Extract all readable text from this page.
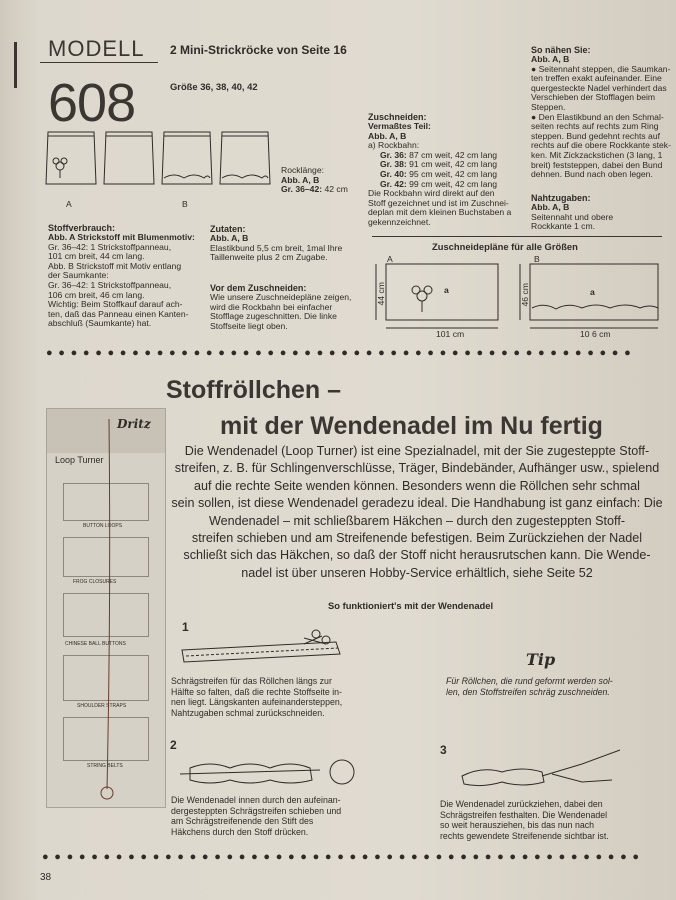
MODELL
608
2 Mini-Strickröcke von Seite 16
Größe 36, 38, 40, 42
A	B
Rocklänge:
Abb. A, B
Gr. 36–42: 42 cm
Stoffverbrauch:
Abb. A Strickstoff mit Blumenmotiv:
Gr. 36–42: 1 Strickstoffpanneau,
101 cm breit, 44 cm lang.
Abb. B Strickstoff mit Motiv entlang
der Saumkante:
Gr. 36–42: 1 Strickstoffpanneau,
106 cm breit, 46 cm lang.
Wichtig: Beim Stoffkauf darauf ach-
ten, daß das Panneau einen Kanten-
abschluß (Saumkante) hat.
Zutaten:
Abb. A, B
Elastikbund 5,5 cm breit, 1mal Ihre
Taillenweite plus 2 cm Zugabe.
Vor dem Zuschneiden:
Wie unsere Zuschneidepläne zeigen,
wird die Rockbahn bei einfacher
Stofflage zugeschnitten. Die linke
Stoffseite liegt oben.
Zuschneiden:
Vermaßtes Teil:
Abb. A, B
a) Rockbahn:
Gr. 36: 87 cm weit, 42 cm lang
Gr. 38: 91 cm weit, 42 cm lang
Gr. 40: 95 cm weit, 42 cm lang
Gr. 42: 99 cm weit, 42 cm lang
Die Rockbahn wird direkt auf den
Stoff gezeichnet und ist im Zuschnei-
deplan mit dem kleinen Buchstaben a
gekennzeichnet.
So nähen Sie:
Abb. A, B
● Seitennaht steppen, die Saumkan-
ten treffen exakt aufeinander. Eine
quergesteckte Nadel verhindert das
Verschieben der Stofflagen beim
Steppen.
● Den Elastikbund an den Schmal-
seiten rechts auf rechts zum Ring
steppen. Bund gedehnt rechts auf
rechts auf die obere Rockkante stek-
ken. Mit Zickzackstichen (3 lang, 1
breit) feststeppen, dabei den Bund
dehnen. Bund nach oben legen.
Nahtzugaben:
Abb. A, B
Seitennaht und obere
Rockkante 1 cm.
Zuschneidepläne für alle Größen
A	B
44 cm	46 cm
a	a
101 cm	10 6 cm
● ● ● ● ● ● ● ● ● ● ● ● ● ● ● ● ● ● ● ● ● ● ● ● ● ● ● ● ● ● ● ● ● ● ● ● ● ● ● ● ● ● ● ● ● ● ● ●
Stoffröllchen –
mit der Wendenadel im Nu fertig
Dritz
Loop Turner
BUTTON LOOPS
FROG CLOSURES
CHINESE BALL BUTTONS
SHOULDER STRAPS
STRING BELTS
Die Wendenadel (Loop Turner) ist eine Spezialnadel, mit der Sie zugesteppte Stoff-
streifen, z. B. für Schlingenverschlüsse, Träger, Bindebänder, Aufhänger usw., spielend
auf die rechte Seite wenden können. Besonders wenn die Röllchen sehr schmal
sein sollen, ist diese Wendenadel geradezu ideal. Die Handhabung ist ganz einfach: Die
Wendenadel – mit schließbarem Häkchen – durch den zugesteppten Stoff-
streifen schieben und am Streifenende befestigen. Beim Zurückziehen der Nadel
schließt sich das Häkchen, so daß der Stoff nicht herausrutschen kann. Die Wende-
nadel ist über unseren Hobby-Service erhältlich, siehe Seite 52
So funktioniert's mit der Wendenadel
1
Schrägstreifen für das Röllchen längs zur
Hälfte so falten, daß die rechte Stoffseite in-
nen liegt. Längskanten aufeinandersteppen,
Nahtzugaben schmal zurückschneiden.
Tip
Für Röllchen, die rund geformt werden sol-
len, den Stoffstreifen schräg zuschneiden.
2
Die Wendenadel innen durch den aufeinan-
dergesteppten Schrägstreifen schieben und
am Schrägstreifenende den Stift des
Häkchens durch den Stoff drücken.
3
Die Wendenadel zurückziehen, dabei den
Schrägstreifen festhalten. Die Wendenadel
so weit herausziehen, bis das nun nach
rechts gewendete Streifenende sichtbar ist.
● ● ● ● ● ● ● ● ● ● ● ● ● ● ● ● ● ● ● ● ● ● ● ● ● ● ● ● ● ● ● ● ● ● ● ● ● ● ● ● ● ● ● ● ● ● ● ● ●
38
